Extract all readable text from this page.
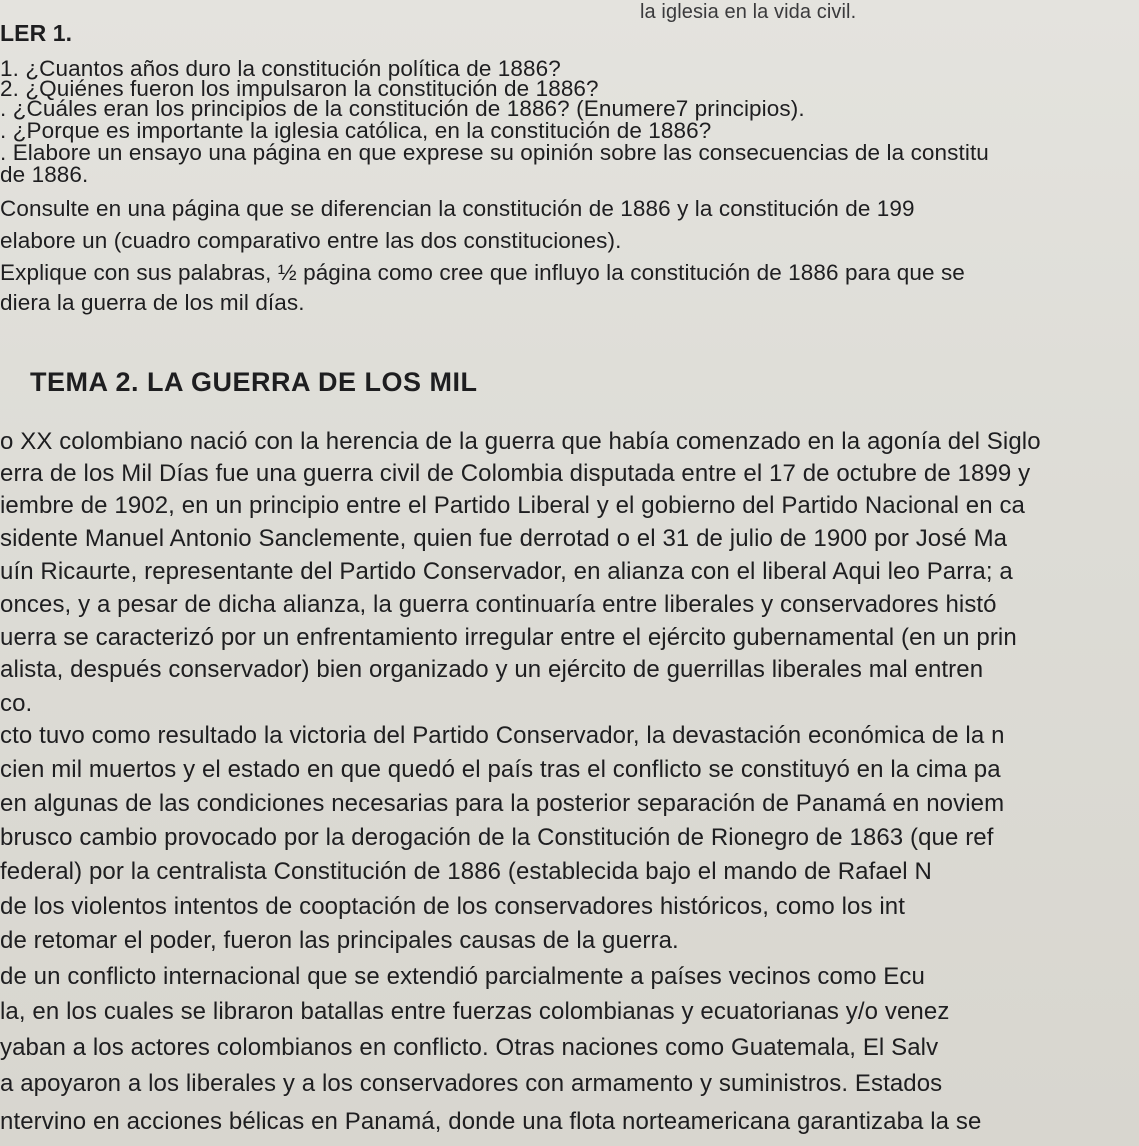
la iglesia en la vida civil.
LER 1.
1. ¿Cuantos años duro la constitución política de 1886?
2. ¿Quiénes fueron los impulsaron la constitución de 1886?
. ¿Cuáles eran los principios de la constitución de 1886? (Enumere7 principios).
. ¿Porque es importante la iglesia católica, en la constitución de 1886?
. Elabore un ensayo una página en que exprese su opinión sobre las consecuencias de la constitu
de 1886.
Consulte en una página que se diferencian la constitución de 1886 y la constitución de 199
elabore un (cuadro comparativo entre las dos constituciones).
Explique con sus palabras, ½ página como cree que influyo la constitución de 1886 para que se
diera la guerra de los mil días.
TEMA 2. LA GUERRA DE LOS MIL
o XX colombiano nació con la herencia de la guerra que había comenzado en la agonía del Siglo
erra de los Mil Días fue una guerra civil de Colombia disputada entre el 17 de octubre de 1899 y
iembre de 1902, en un principio entre el Partido Liberal y el gobierno del Partido Nacional en ca
sidente Manuel Antonio Sanclemente, quien fue derrotad o el 31 de julio de 1900 por José Ma
uín Ricaurte, representante del Partido Conservador, en alianza con el liberal Aqui leo Parra; a
onces, y a pesar de dicha alianza, la guerra continuaría entre liberales y conservadores histó
uerra se caracterizó por un enfrentamiento irregular entre el ejército gubernamental (en un prin
alista, después conservador) bien organizado y un ejército de guerrillas liberales mal entren
co.
cto tuvo como resultado la victoria del Partido Conservador, la devastación económica de la n
cien mil muertos y el estado en que quedó el país tras el conflicto se constituyó en la cima pa
en algunas de las condiciones necesarias para la posterior separación de Panamá en noviem
brusco cambio provocado por la derogación de la Constitución de Rionegro de 1863 (que ref
federal) por la centralista Constitución de 1886 (establecida bajo el mando de Rafael N
de los violentos intentos de cooptación de los conservadores históricos, como los int
de retomar el poder, fueron las principales causas de la guerra.
de un conflicto internacional que se extendió parcialmente a países vecinos como Ecu
la, en los cuales se libraron batallas entre fuerzas colombianas y ecuatorianas y/o venez
yaban a los actores colombianos en conflicto. Otras naciones como Guatemala, El Salv
a apoyaron a los liberales y a los conservadores con armamento y suministros. Estados
ntervino en acciones bélicas en Panamá, donde una flota norteamericana garantizaba la se
